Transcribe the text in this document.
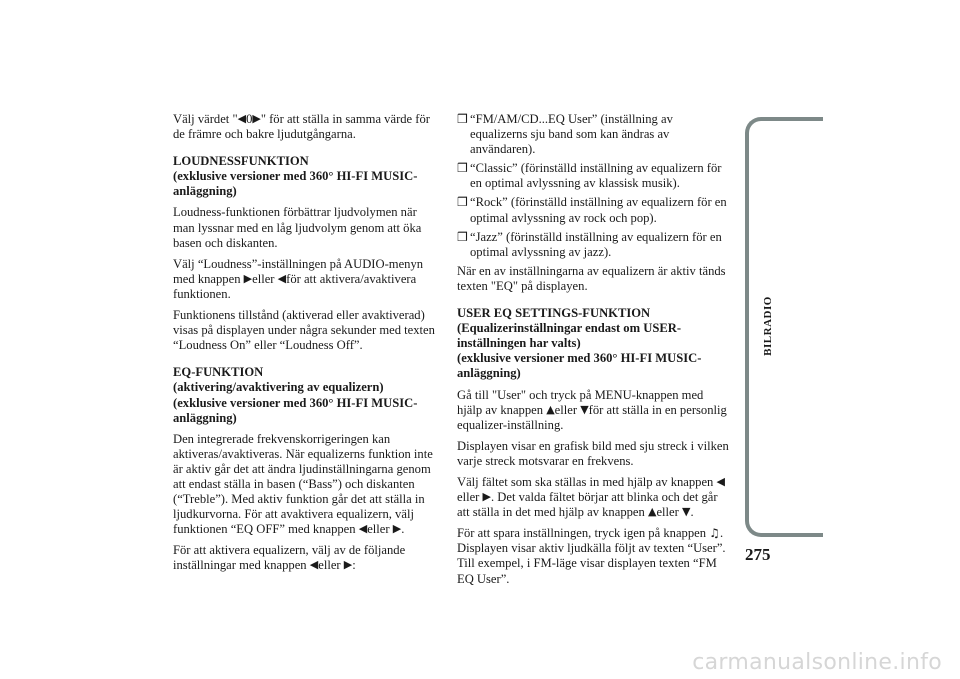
Välj värdet "◀0▶" för att ställa in samma värde för de främre och bakre ljudutgångarna.

LOUDNESSFUNKTION
(exklusive versioner med 360° HI-FI MUSIC-anläggning)

Loudness-funktionen förbättrar ljudvolymen när man lyssnar med en låg ljudvolym genom att öka basen och diskanten.

Välj “Loudness”-inställningen på AUDIO-menyn med knappen ▶eller ◀för att aktivera/avaktivera funktionen.

Funktionens tillstånd (aktiverad eller avaktiverad) visas på displayen under några sekunder med texten “Loudness On” eller “Loudness Off”.

EQ-FUNKTION
(aktivering/avaktivering av equalizern)
(exklusive versioner med 360° HI-FI MUSIC-anläggning)

Den integrerade frekvenskorrigeringen kan aktiveras/avaktiveras. När equalizerns funktion inte är aktiv går det att ändra ljudinställningarna genom att endast ställa in basen (“Bass”) och diskanten (“Treble”). Med aktiv funktion går det att ställa in ljudkurvorna. För att avaktivera equalizern, välj funktionen “EQ OFF” med knappen ◀eller ▶.

För att aktivera equalizern, välj av de följande inställningar med knappen ◀eller ▶:

❒ “FM/AM/CD...EQ User” (inställning av equalizerns sju band som kan ändras av användaren).
❒ “Classic” (förinställd inställning av equalizern för en optimal avlyssning av klassisk musik).
❒ “Rock” (förinställd inställning av equalizern för en optimal avlyssning av rock och pop).
❒ “Jazz” (förinställd inställning av equalizern för en optimal avlyssning av jazz).

När en av inställningarna av equalizern är aktiv tänds texten "EQ" på displayen.

USER EQ SETTINGS-FUNKTION
(Equalizerinställningar endast om USER-inställningen har valts)
(exklusive versioner med 360° HI-FI MUSIC-anläggning)

Gå till "User" och tryck på MENU-knappen med hjälp av knappen ▲eller ▼för att ställa in en personlig equalizer-inställning.

Displayen visar en grafisk bild med sju streck i vilken varje streck motsvarar en frekvens.

Välj fältet som ska ställas in med hjälp av knappen ◀eller ▶. Det valda fältet börjar att blinka och det går att ställa in det med hjälp av knappen ▲eller ▼.

För att spara inställningen, tryck igen på knappen ♫. Displayen visar aktiv ljudkälla följt av texten “User”. Till exempel, i FM-läge visar displayen texten “FM EQ User”.

BILRADIO
275
carmanualsonline.info
